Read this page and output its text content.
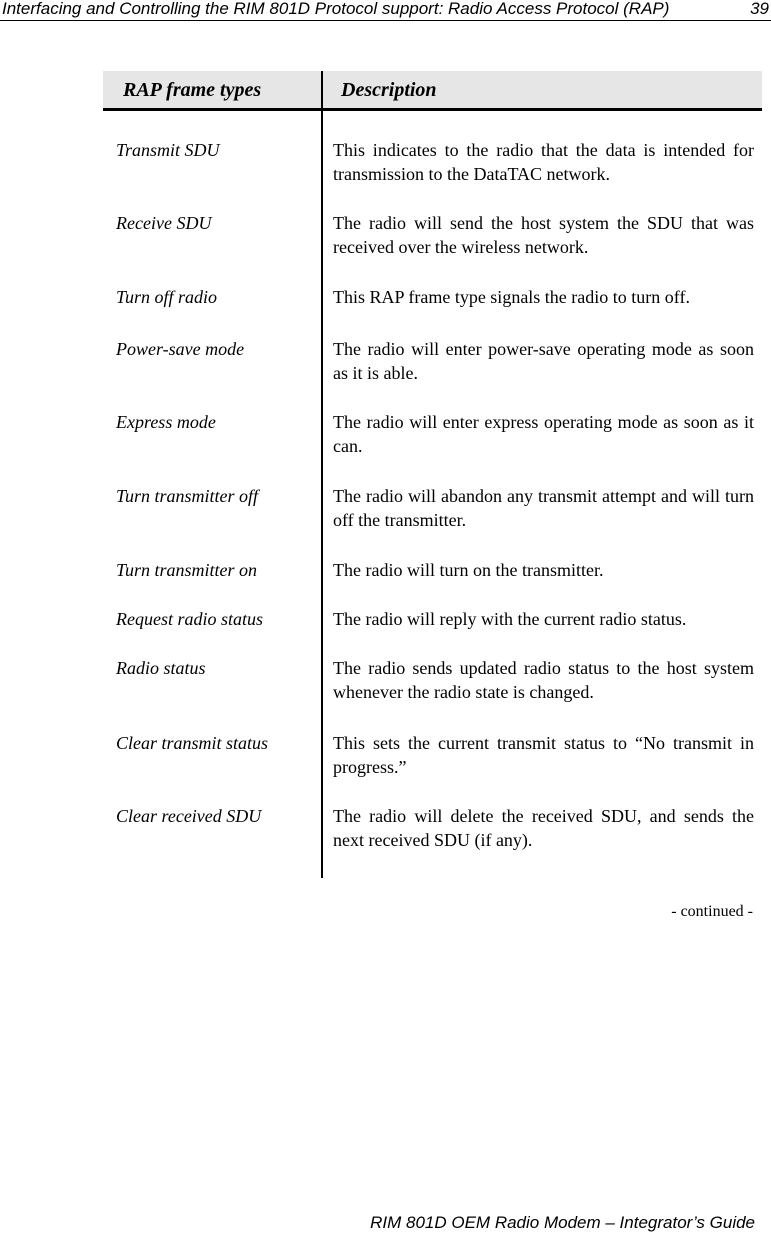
Interfacing and Controlling the RIM 801D Protocol support: Radio Access Protocol (RAP)	39
RAP frame types	Description
Transmit SDU	This indicates to the radio that the data is intended for transmission to the DataTAC network.
Receive SDU	The radio will send the host system the SDU that was received over the wireless network.
Turn off radio	This RAP frame type signals the radio to turn off.
Power-save mode	The radio will enter power-save operating mode as soon as it is able.
Express mode	The radio will enter express operating mode as soon as it can.
Turn transmitter off	The radio will abandon any transmit attempt and will turn off the transmitter.
Turn transmitter on	The radio will turn on the transmitter.
Request radio status	The radio will reply with the current radio status.
Radio status	The radio sends updated radio status to the host system whenever the radio state is changed.
Clear transmit status	This sets the current transmit status to “No transmit in progress.”
Clear received SDU	The radio will delete the received SDU, and sends the next received SDU (if any).
- continued -
RIM 801D OEM Radio Modem – Integrator’s Guide
